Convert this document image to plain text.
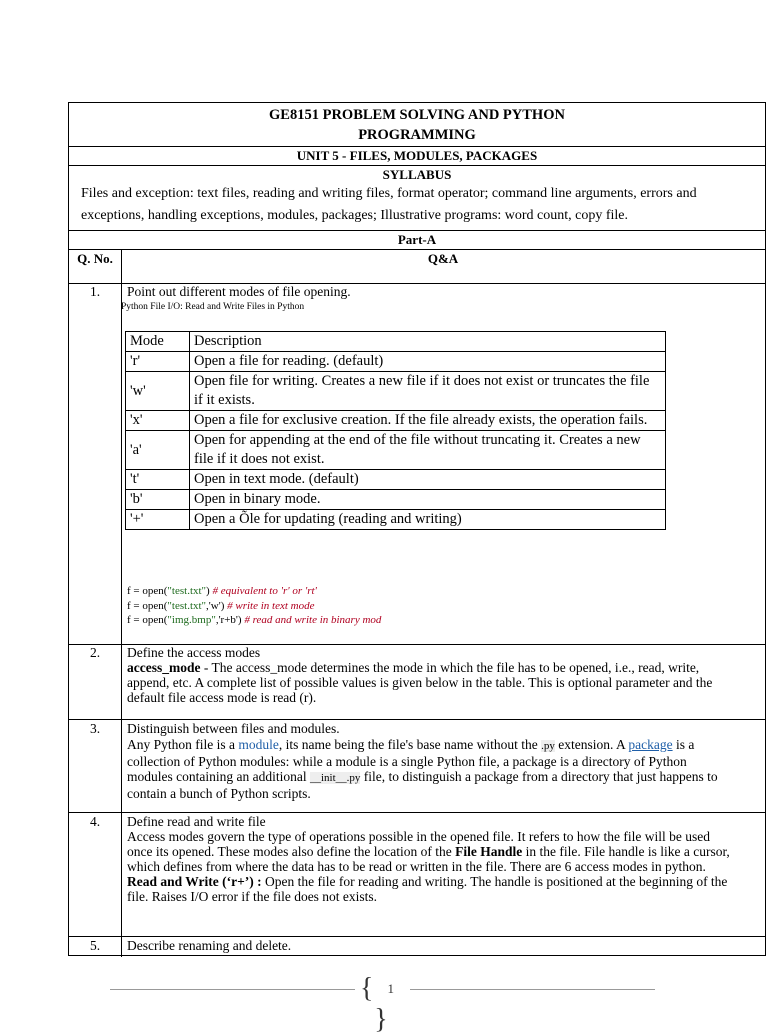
GE8151 PROBLEM SOLVING AND PYTHON
PROGRAMMING
UNIT 5 - FILES, MODULES, PACKAGES
SYLLABUS
Files and exception: text files, reading and writing files, format operator; command line arguments, errors and exceptions, handling exceptions, modules, packages; Illustrative programs: word count, copy file.
Part-A
Q. No.	Q&A
1.	Point out different modes of file opening.
Python File I/O: Read and Write Files in Python
Mode	Description
'r'	Open a file for reading. (default)
'w'	Open file for writing. Creates a new file if it does not exist or truncates the file if it exists.
'x'	Open a file for exclusive creation. If the file already exists, the operation fails.
'a'	Open for appending at the end of the file without truncating it. Creates a new file if it does not exist.
't'	Open in text mode. (default)
'b'	Open in binary mode.
'+'	Open a Õle for updating (reading and writing)
f = open("test.txt") # equivalent to 'r' or 'rt'
f = open("test.txt",'w') # write in text mode
f = open("img.bmp",'r+b') # read and write in binary mod
2.	Define the access modes
access_mode - The access_mode determines the mode in which the file has to be opened, i.e., read, write, append, etc. A complete list of possible values is given below in the table. This is optional parameter and the default file access mode is read (r).
3.	Distinguish between files and modules.
Any Python file is a module, its name being the file's base name without the .py extension. A package is a collection of Python modules: while a module is a single Python file, a package is a directory of Python modules containing an additional __init__.py file, to distinguish a package from a directory that just happens to contain a bunch of Python scripts.
4.	Define read and write file
Access modes govern the type of operations possible in the opened file. It refers to how the file will be used once its opened. These modes also define the location of the File Handle in the file. File handle is like a cursor, which defines from where the data has to be read or written in the file. There are 6 access modes in python.
Read and Write (‘r+’) : Open the file for reading and writing. The handle is positioned at the beginning of the file. Raises I/O error if the file does not exists.
5.	Describe renaming and delete.
{ 1 }
